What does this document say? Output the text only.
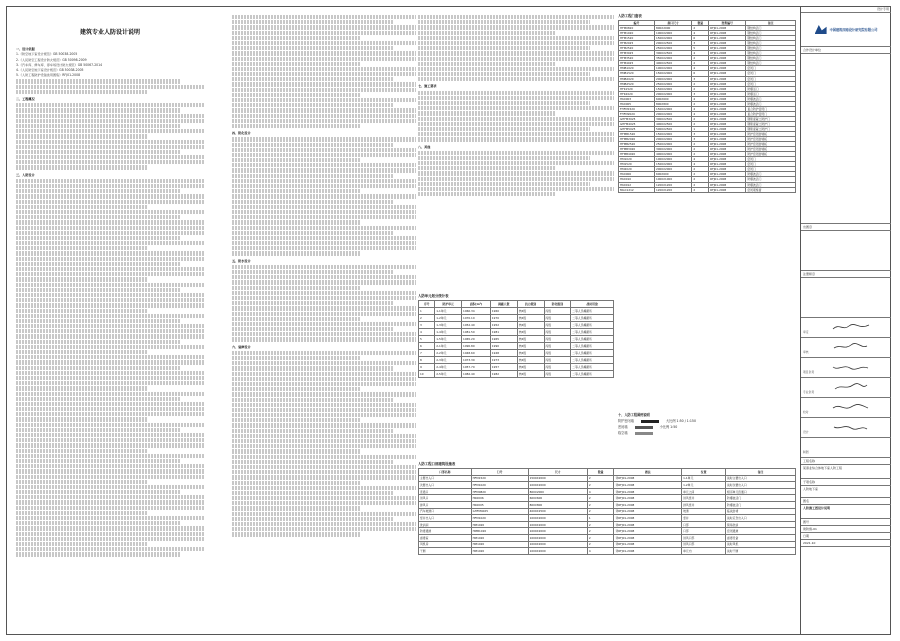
建筑专业人防设计说明
一、设计依据
1.《防空地下室设计规范》GB 50038-2005
2.《人民防空工程设计防火规范》GB 50098-2009
3.《汽车库、修车库、停车场设计防火规范》GB 50067-2014
4.《人民防空地下室设计规范》GB 50038-2005
5.《人防工程防护设备选用图集》RFJ01-2008
二、工程概况
三、人防设计
四、防化设计
五、防水设计
六、装修设计
七、施工要求
八、其他
人防工程门窗表
编号	洞口尺寸	数量	图集编号	备注
HFM0820	800X2000	2	RFJ01-2008	钢结构活门
HFM1020	1000X2000	4	RFJ01-2008	钢结构活门
HFM1520	1500X2000	6	RFJ01-2008	钢结构活门
HFM2025	2000X2500	3	RFJ01-2008	钢结构活门
HFM2520	2500X2000	5	RFJ01-2008	钢结构活门
HFM3025	3000X2500	4	RFJ01-2008	钢结构活门
HFM3520	3500X2000	2	RFJ01-2008	钢结构活门
HFM4025	4000X2500	2	RFJ01-2008	钢结构活门
HMB1020	1000X2000	4	RFJ01-2008	密闭门
HMB1520	1500X2000	6	RFJ01-2008	密闭门
HMB2020	2000X2000	3	RFJ01-2008	密闭门
HMB2520	2500X2000	2	RFJ01-2008	密闭门
HFK1520	1500X2000	2	RFJ01-2008	防爆活门
HFK2020	2000X2000	3	RFJ01-2008	防爆活门
HK0003	600X600	4	RFJ01-2008	防爆波活门
HK0005	800X800	2	RFJ01-2008	防爆波活门
FHFM1520	1500X2000	4	RFJ01-2008	复合防护密闭门
FHFM2020	2000X2000	4	RFJ01-2008	复合防护密闭门
GHFM3025	3000X2500	2	RFJ01-2008	钢筋混凝土防护门
GHFM4025	4000X2500	2	RFJ01-2008	钢筋混凝土防护门
GHFM5025	5000X2500	1	RFJ01-2008	钢筋混凝土防护门
HFMB1520	1500X2000	3	RFJ01-2008	防护密闭封堵板
HFMB2020	2000X2000	3	RFJ01-2008	防护密闭封堵板
HFMB2520	2500X2000	2	RFJ01-2008	防护密闭封堵板
HFMB3020	3000X2000	2	RFJ01-2008	防护密闭封堵板
HFMB4020	4000X2000	2	RFJ01-2008	防护密闭封堵板
HM1020	1000X2000	4	RFJ01-2008	密闭门
HM1520	1500X2000	4	RFJ01-2008	密闭门
HM2020	2000X2000	2	RFJ01-2008	密闭门
HK0006	600X600	2	RFJ01-2008	防爆波活门
HK0010	1000X1000	2	RFJ01-2008	防爆波活门
HK0012	1200X1200	2	RFJ01-2008	防爆波活门
MGC1212	1200X1200	2	RFJ01-2008	密闭观察窗
人防单元划分统计表
序号	防护单元	面积(m²)	掩蔽人数	抗力级别	防化级别	战时用途
1	1-1单元	1960.34	1960	核6级	丙级	二等人员掩蔽所
2	1-2单元	1970.10	1970	核6级	丙级	二等人员掩蔽所
3	1-3单元	1952.40	1952	核6级	丙级	二等人员掩蔽所
4	1-4单元	1981.50	1981	核6级	丙级	二等人员掩蔽所
5	1-5单元	1965.20	1965	核6级	丙级	二等人员掩蔽所
6	2-1单元	1990.80	1990	核6级	丙级	二等人员掩蔽所
7	2-2单元	1948.60	1948	核6级	丙级	二等人员掩蔽所
8	2-3单元	1973.30	1973	核6级	丙级	二等人员掩蔽所
9	2-4单元	1957.70	1957	核6级	丙级	二等人员掩蔽所
10	2-5单元	1982.40	1982	核6级	丙级	二等人员掩蔽所
十、人防工程图例说明
防护密闭墙	大比例 1:50 / 1:150
密闭墙	小比例 1:50
临空墙
人防工程口部建筑设施表
口部名称	门号	尺寸	数量	做法	位置	备注
主要出入口	HFM1520	1500X2000	2	详RFJ01-2008	1-1单元	战时主要出入口
次要出入口	HFM1020	1000X2000	2	详RFJ01-2008	1-2单元	战时次要出入口
连通口	HFM0820	800X2000	4	详RFJ01-2008	单元之间	相邻单元连通口
进风口	HK0006	600X600	2	详RFJ01-2008	进风竖井	防爆波活门
排风口	HK0005	800X800	2	详RFJ01-2008	排风竖井	防爆波活门
汽车坡道口	GHFM4025	4000X2500	2	详RFJ01-2008	坡道	临战封堵
竖井出入口	HFM1020	1000X2000	1	详RFJ01-2008	竖井	战时应急出入口
洗消间	HM1020	1000X2000	2	详RFJ01-2008	口部	简易洗消
防毒通道	HMB1020	1000X2000	2	详RFJ01-2008	口部	密闭通道
滤毒室	HM1020	1000X2000	2	详RFJ01-2008	进风口部	滤毒设备
风机房	HM1020	1000X2000	2	详RFJ01-2008	进风口部	战时风机
干厕	HM1020	1000X2000	4	详RFJ01-2008	单元内	战时干厕
设计专用
中国建筑西南设计研究院有限公司
合作设计单位
出图章
注册师章
审定
审核
项目负责
专业负责
校对
设计
制图
工程名称
某商业综合体地下室人防工程
子项名称
人防地下室
图名
人防施工图设计说明
图号
建防施-01
日期
2021.10
